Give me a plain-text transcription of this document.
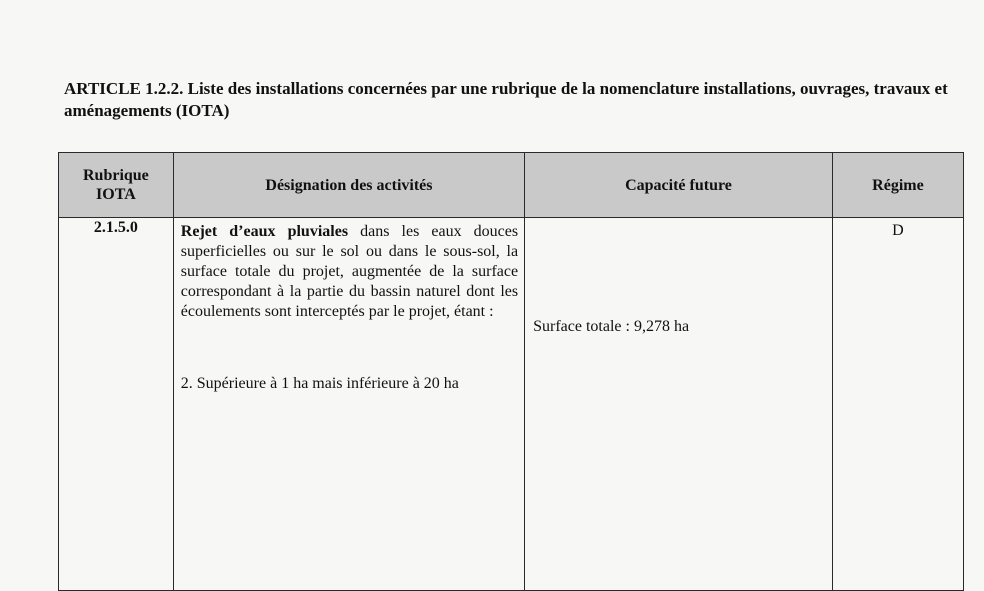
ARTICLE 1.2.2. Liste des installations concernées par une rubrique de la nomenclature installations, ouvrages, travaux et aménagements (IOTA)

Rubrique IOTA	Désignation des activités	Capacité future	Régime
2.1.5.0	Rejet d’eaux pluviales dans les eaux douces superficielles ou sur le sol ou dans le sous-sol, la surface totale du projet, augmentée de la surface correspondant à la partie du bassin naturel dont les écoulements sont interceptés par le projet, étant :
2. Supérieure à 1 ha mais inférieure à 20 ha	Surface totale : 9,278 ha	D
